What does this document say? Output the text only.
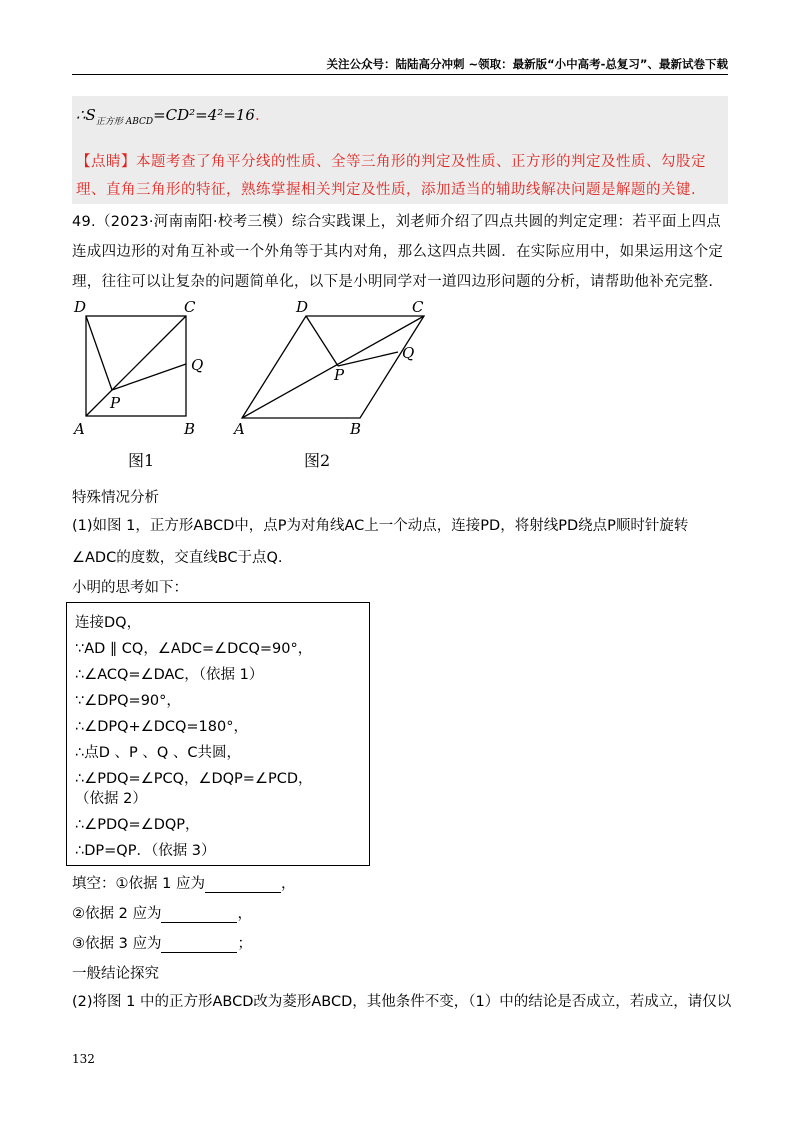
关注公众号：陆陆高分冲刺 ~领取：最新版“小中高考-总复习”、最新试卷下载
$\therefore S_{正方形 ABCD}=CD^2=4^2=16$.
【点睛】本题考查了角平分线的性质、全等三角形的判定及性质、正方形的判定及性质、勾股定理、直角三角形的特征，熟练掌握相关判定及性质，添加适当的辅助线解决问题是解题的关键.
49.（2023·河南南阳·校考三模）综合实践课上，刘老师介绍了四点共圆的判定定理：若平面上四点连成四边形的对角互补或一个外角等于其内对角，那么这四点共圆．在实际应用中，如果运用这个定理，往往可以让复杂的问题简单化，以下是小明同学对一道四边形问题的分析，请帮助他补充完整.
D	C
Q
P
A	B
图1
D	C
Q
P
A	B
图2
特殊情况分析
(1)如图 1，正方形ABCD中，点P为对角线AC上一个动点，连接PD，将射线PD绕点P顺时针旋转
∠ADC的度数，交直线BC于点Q.
小明的思考如下：
连接DQ，
∵AD ∥ CQ，∠ADC=∠DCQ=90°，
∴∠ACQ=∠DAC，（依据 1）
∵∠DPQ=90°，
∴∠DPQ+∠DCQ=180°，
∴点D 、P 、Q 、C共圆，
∴∠PDQ=∠PCQ，∠DQP=∠PCD，
（依据 2）
∴∠PDQ=∠DQP，
∴DP=QP．（依据 3）
填空：①依据 1 应为	，
②依据 2 应为	，
③依据 3 应为	；
一般结论探究
(2)将图 1 中的正方形ABCD改为菱形ABCD，其他条件不变，（1）中的结论是否成立，若成立，请仅以
132
